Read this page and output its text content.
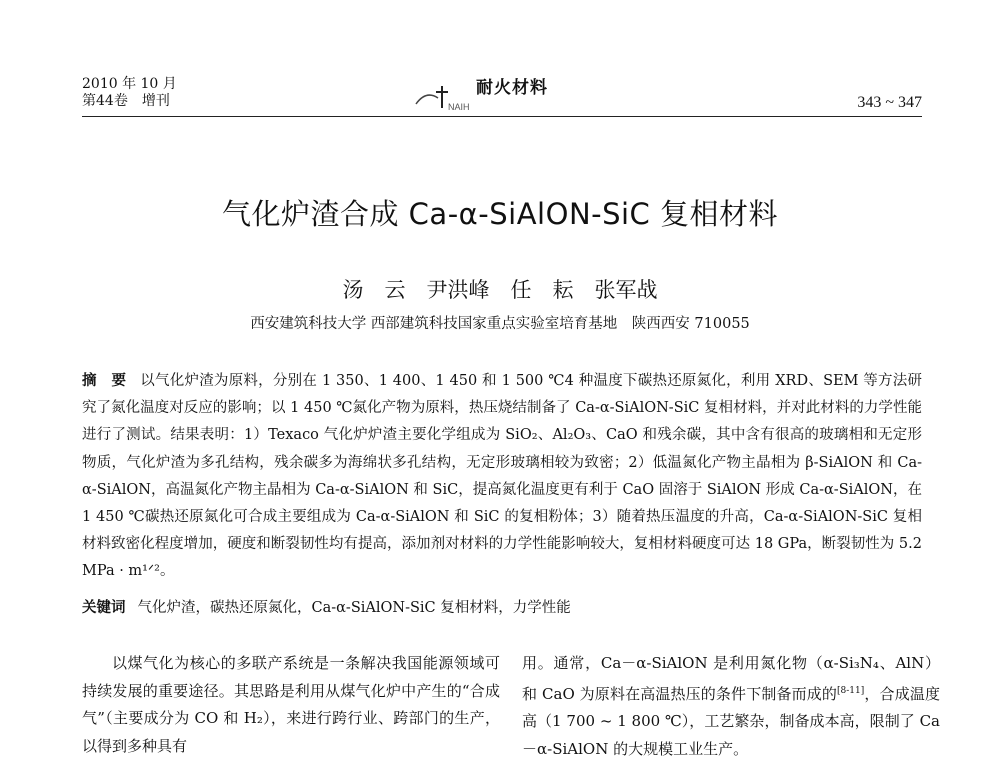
2010 年 10 月
第44卷　增刊	NAIH
耐火材料
343 ~ 347
气化炉渣合成 Ca-α-SiAlON-SiC 复相材料
汤　云　尹洪峰　任　耘　张军战
西安建筑科技大学 西部建筑科技国家重点实验室培育基地　陕西西安 710055
摘　要 以气化炉渣为原料，分别在 1 350、1 400、1 450 和 1 500 ℃4 种温度下碳热还原氮化，利用 XRD、SEM 等方法研究了氮化温度对反应的影响；以 1 450 ℃氮化产物为原料，热压烧结制备了 Ca-α-SiAlON-SiC 复相材料，并对此材料的力学性能进行了测试。结果表明：1）Texaco 气化炉炉渣主要化学组成为 SiO₂、Al₂O₃、CaO 和残余碳，其中含有很高的玻璃相和无定形物质，气化炉渣为多孔结构，残余碳多为海绵状多孔结构，无定形玻璃相较为致密；2）低温氮化产物主晶相为 β-SiAlON 和 Ca-α-SiAlON，高温氮化产物主晶相为 Ca-α-SiAlON 和 SiC，提高氮化温度更有利于 CaO 固溶于 SiAlON 形成 Ca-α-SiAlON，在 1 450 ℃碳热还原氮化可合成主要组成为 Ca-α-SiAlON 和 SiC 的复相粉体；3）随着热压温度的升高，Ca-α-SiAlON-SiC 复相材料致密化程度增加，硬度和断裂韧性均有提高，添加剂对材料的力学性能影响较大，复相材料硬度可达 18 GPa，断裂韧性为 5.2 MPa · m¹ᐟ²。
关键词 气化炉渣，碳热还原氮化，Ca-α-SiAlON-SiC 复相材料，力学性能
以煤气化为核心的多联产系统是一条解决我国能源领域可持续发展的重要途径。其思路是利用从煤气化炉中产生的“合成气”（主要成分为 CO 和 H₂），来进行跨行业、跨部门的生产，以得到多种具有
用。通常，Ca－α-SiAlON 是利用氮化物（α-Si₃N₄、AlN）和 CaO 为原料在高温热压的条件下制备而成的[8-11]，合成温度高（1 700 ~ 1 800 ℃），工艺繁杂，制备成本高，限制了 Ca－α-SiAlON 的大规模工业生产。
